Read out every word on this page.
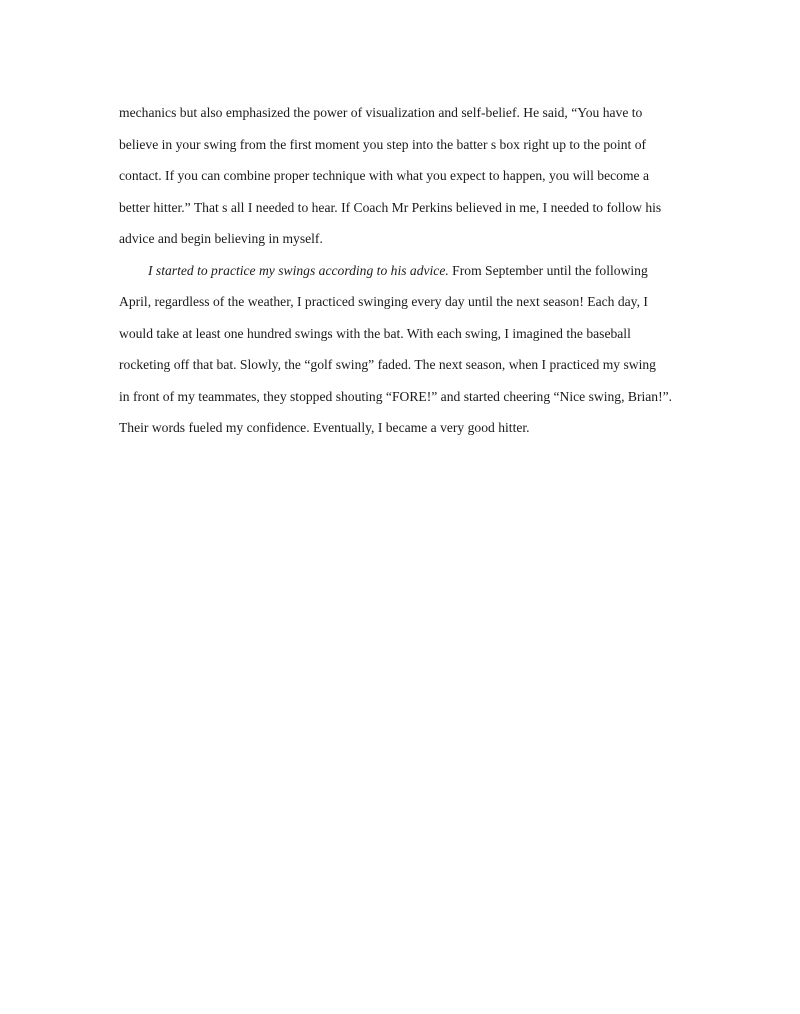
mechanics but also emphasized the power of visualization and self-belief. He said, “You have to
believe in your swing from the first moment you step into the batter s box right up to the point of
contact. If you can combine proper technique with what you expect to happen, you will become a
better hitter.” That s all I needed to hear. If Coach Mr Perkins believed in me, I needed to follow his
advice and begin believing in myself.
I started to practice my swings according to his advice. From September until the following
April, regardless of the weather, I practiced swinging every day until the next season! Each day, I
would take at least one hundred swings with the bat. With each swing, I imagined the baseball
rocketing off that bat. Slowly, the “golf swing” faded. The next season, when I practiced my swing
in front of my teammates, they stopped shouting “FORE!” and started cheering “Nice swing, Brian!”.
Their words fueled my confidence. Eventually, I became a very good hitter.
